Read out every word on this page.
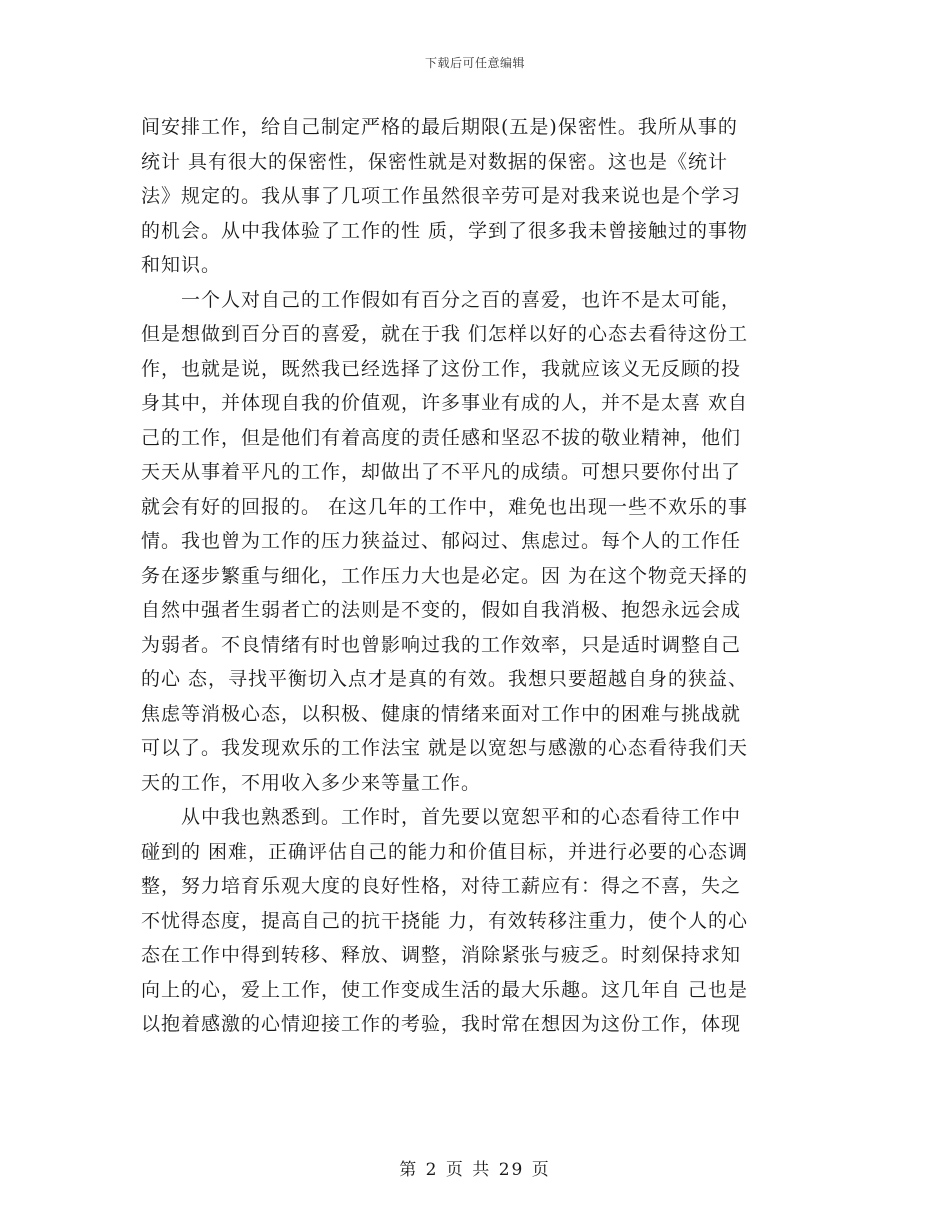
下载后可任意编辑

间安排工作，给自己制定严格的最后期限(五是)保密性。我所从事的
统计 具有很大的保密性，保密性就是对数据的保密。这也是《统计
法》规定的。我从事了几项工作虽然很辛劳可是对我来说也是个学习
的机会。从中我体验了工作的性 质，学到了很多我未曾接触过的事物
和知识。

一个人对自己的工作假如有百分之百的喜爱，也许不是太可能，
但是想做到百分百的喜爱，就在于我 们怎样以好的心态去看待这份工
作，也就是说，既然我已经选择了这份工作，我就应该义无反顾的投
身其中，并体现自我的价值观，许多事业有成的人，并不是太喜 欢自
己的工作，但是他们有着高度的责任感和坚忍不拔的敬业精神，他们
天天从事着平凡的工作，却做出了不平凡的成绩。可想只要你付出了
就会有好的回报的。 在这几年的工作中，难免也出现一些不欢乐的事
情。我也曾为工作的压力狭益过、郁闷过、焦虑过。每个人的工作任
务在逐步繁重与细化，工作压力大也是必定。因 为在这个物竞天择的
自然中强者生弱者亡的法则是不变的，假如自我消极、抱怨永远会成
为弱者。不良情绪有时也曾影响过我的工作效率，只是适时调整自己
的心 态，寻找平衡切入点才是真的有效。我想只要超越自身的狭益、
焦虑等消极心态，以积极、健康的情绪来面对工作中的困难与挑战就
可以了。我发现欢乐的工作法宝 就是以宽恕与感激的心态看待我们天
天的工作，不用收入多少来等量工作。

从中我也熟悉到。工作时，首先要以宽恕平和的心态看待工作中
碰到的 困难，正确评估自己的能力和价值目标，并进行必要的心态调
整，努力培育乐观大度的良好性格，对待工薪应有：得之不喜，失之
不忧得态度，提高自己的抗干挠能 力，有效转移注重力，使个人的心
态在工作中得到转移、释放、调整，消除紧张与疲乏。时刻保持求知
向上的心，爱上工作，使工作变成生活的最大乐趣。这几年自 己也是
以抱着感激的心情迎接工作的考验，我时常在想因为这份工作，体现

第 2 页 共 29 页
